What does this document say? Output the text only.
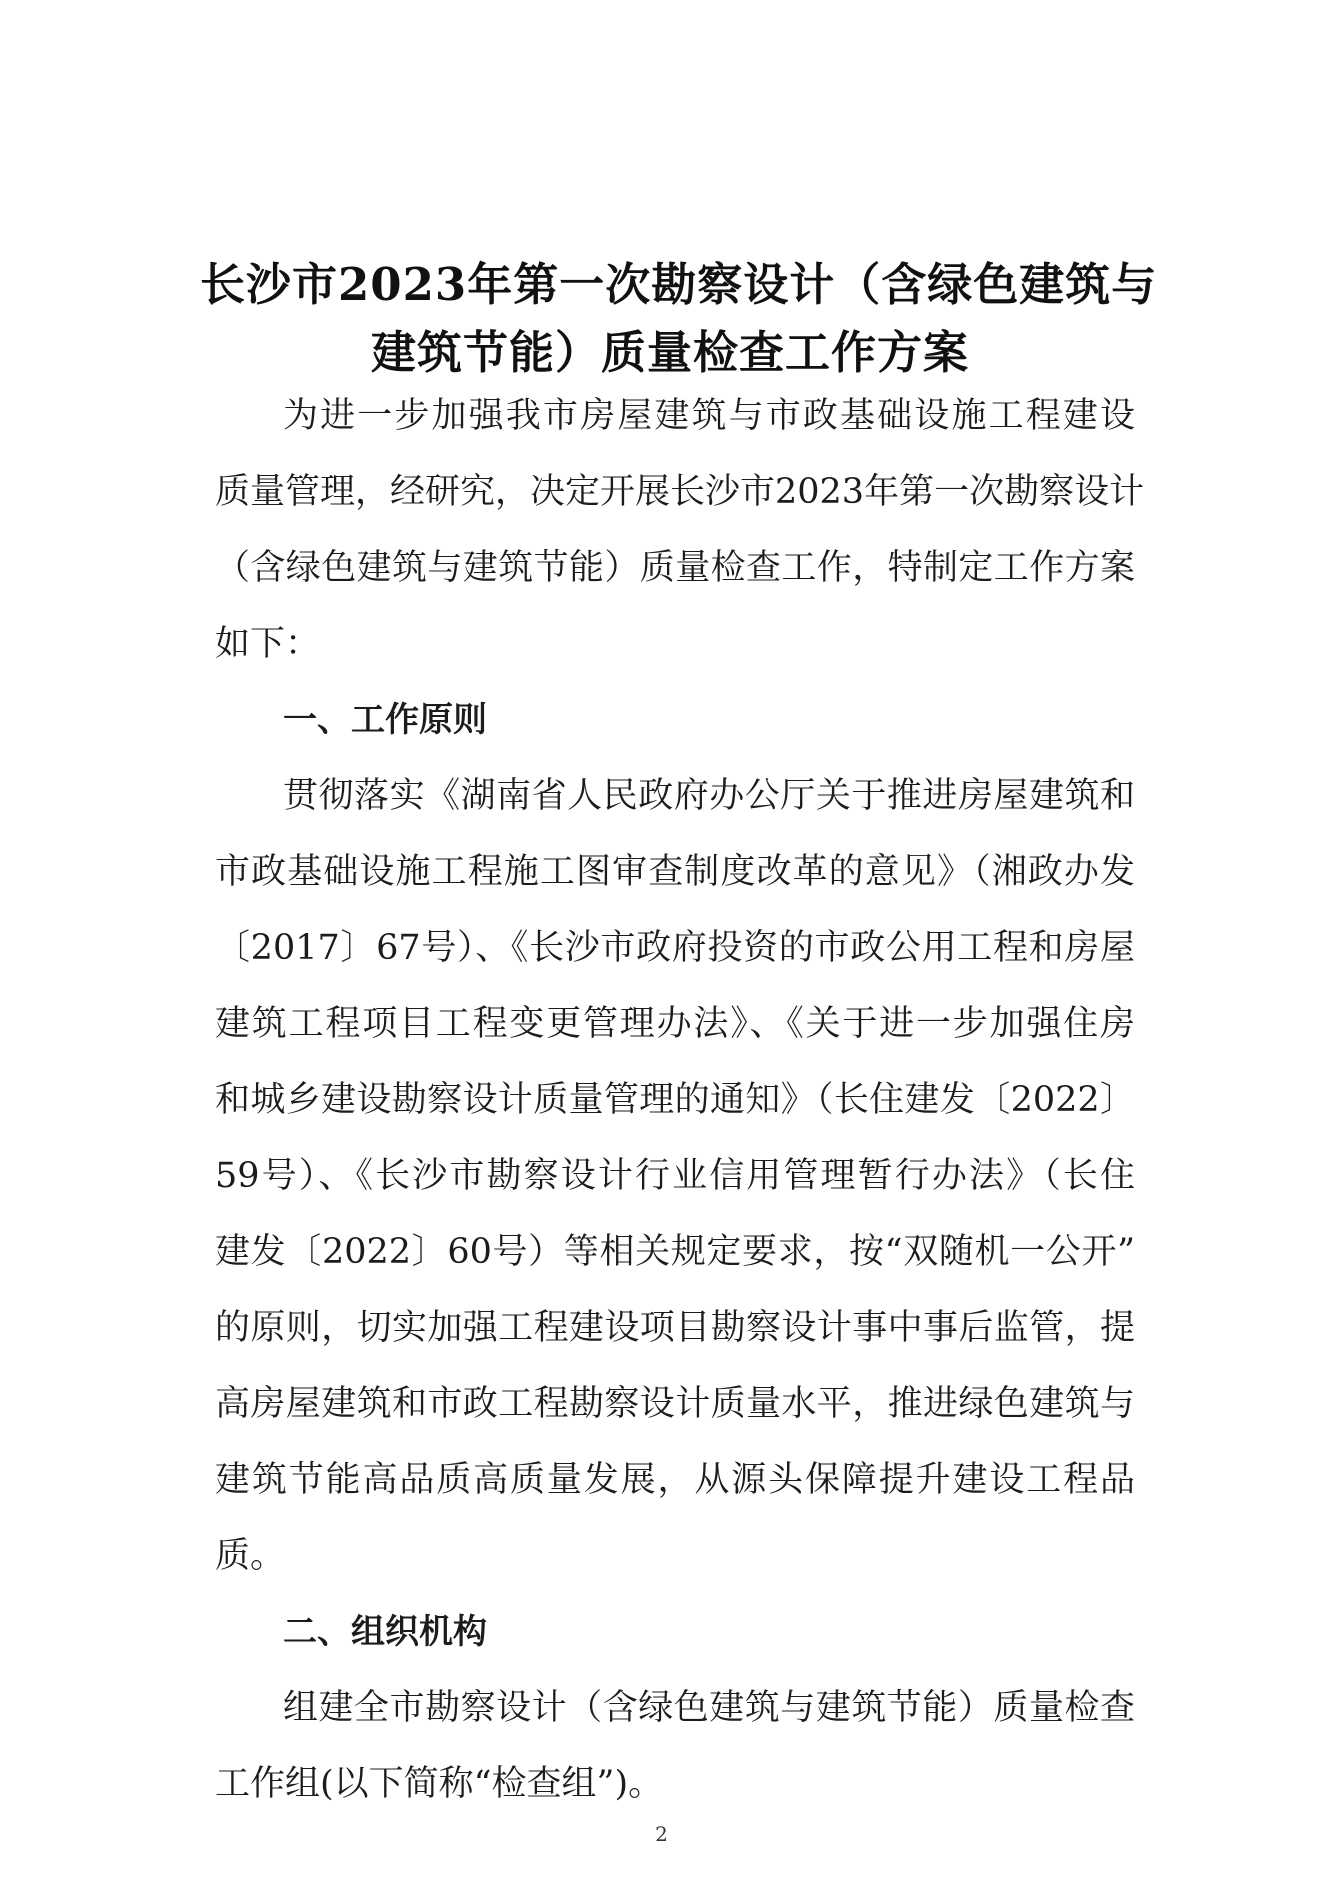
长沙市2023年第一次勘察设计（含绿色建筑与
建筑节能）质量检查工作方案
为进一步加强我市房屋建筑与市政基础设施工程建设
质量管理，经研究，决定开展长沙市2023年第一次勘察设计
（含绿色建筑与建筑节能）质量检查工作，特制定工作方案
如下：
一、工作原则
贯彻落实《湖南省人民政府办公厅关于推进房屋建筑和
市政基础设施工程施工图审查制度改革的意见》（湘政办发
〔2017〕67号）、《长沙市政府投资的市政公用工程和房屋
建筑工程项目工程变更管理办法》、《关于进一步加强住房
和城乡建设勘察设计质量管理的通知》（长住建发〔2022〕
59号）、《长沙市勘察设计行业信用管理暂行办法》（长住
建发〔2022〕60号）等相关规定要求，按“双随机一公开”
的原则，切实加强工程建设项目勘察设计事中事后监管，提
高房屋建筑和市政工程勘察设计质量水平，推进绿色建筑与
建筑节能高品质高质量发展，从源头保障提升建设工程品
质。
二、组织机构
组建全市勘察设计（含绿色建筑与建筑节能）质量检查
工作组(以下简称“检查组”)。
2
